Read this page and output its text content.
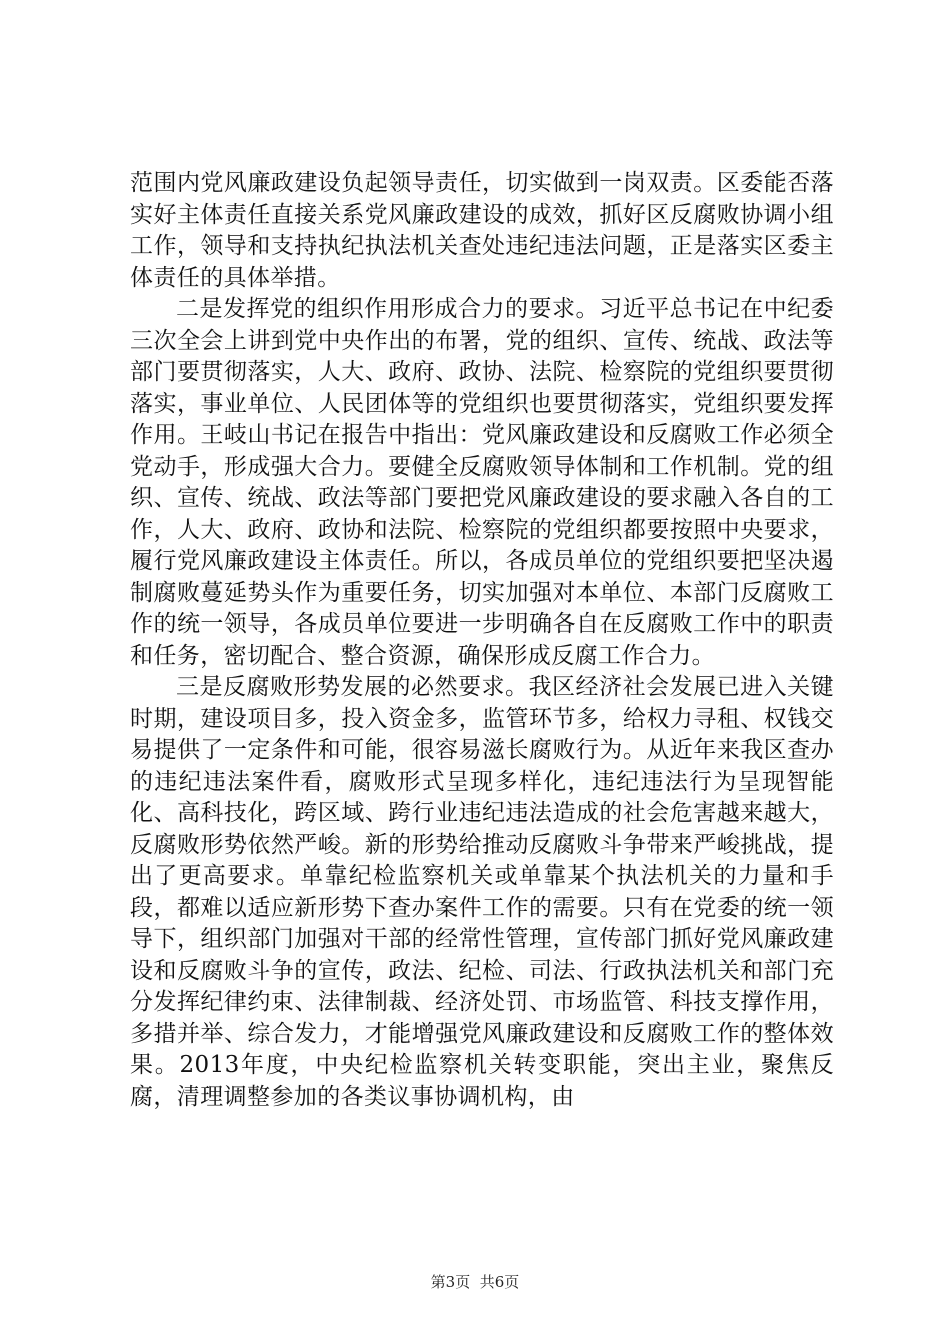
范围内党风廉政建设负起领导责任，切实做到一岗双责。区委能否落实好主体责任直接关系党风廉政建设的成效，抓好区反腐败协调小组工作，领导和支持执纪执法机关查处违纪违法问题，正是落实区委主体责任的具体举措。

二是发挥党的组织作用形成合力的要求。习近平总书记在中纪委三次全会上讲到党中央作出的布署，党的组织、宣传、统战、政法等部门要贯彻落实，人大、政府、政协、法院、检察院的党组织要贯彻落实，事业单位、人民团体等的党组织也要贯彻落实，党组织要发挥作用。王岐山书记在报告中指出：党风廉政建设和反腐败工作必须全党动手，形成强大合力。要健全反腐败领导体制和工作机制。党的组织、宣传、统战、政法等部门要把党风廉政建设的要求融入各自的工作，人大、政府、政协和法院、检察院的党组织都要按照中央要求，履行党风廉政建设主体责任。所以，各成员单位的党组织要把坚决遏制腐败蔓延势头作为重要任务，切实加强对本单位、本部门反腐败工作的统一领导，各成员单位要进一步明确各自在反腐败工作中的职责和任务，密切配合、整合资源，确保形成反腐工作合力。

三是反腐败形势发展的必然要求。我区经济社会发展已进入关键时期，建设项目多，投入资金多，监管环节多，给权力寻租、权钱交易提供了一定条件和可能，很容易滋长腐败行为。从近年来我区查办的违纪违法案件看，腐败形式呈现多样化，违纪违法行为呈现智能化、高科技化，跨区域、跨行业违纪违法造成的社会危害越来越大，反腐败形势依然严峻。新的形势给推动反腐败斗争带来严峻挑战，提出了更高要求。单靠纪检监察机关或单靠某个执法机关的力量和手段，都难以适应新形势下查办案件工作的需要。只有在党委的统一领导下，组织部门加强对干部的经常性管理，宣传部门抓好党风廉政建设和反腐败斗争的宣传，政法、纪检、司法、行政执法机关和部门充分发挥纪律约束、法律制裁、经济处罚、市场监管、科技支撑作用，多措并举、综合发力，才能增强党风廉政建设和反腐败工作的整体效果。2013年度，中央纪检监察机关转变职能，突出主业，聚焦反腐，清理调整参加的各类议事协调机构，由

第3页 共6页
